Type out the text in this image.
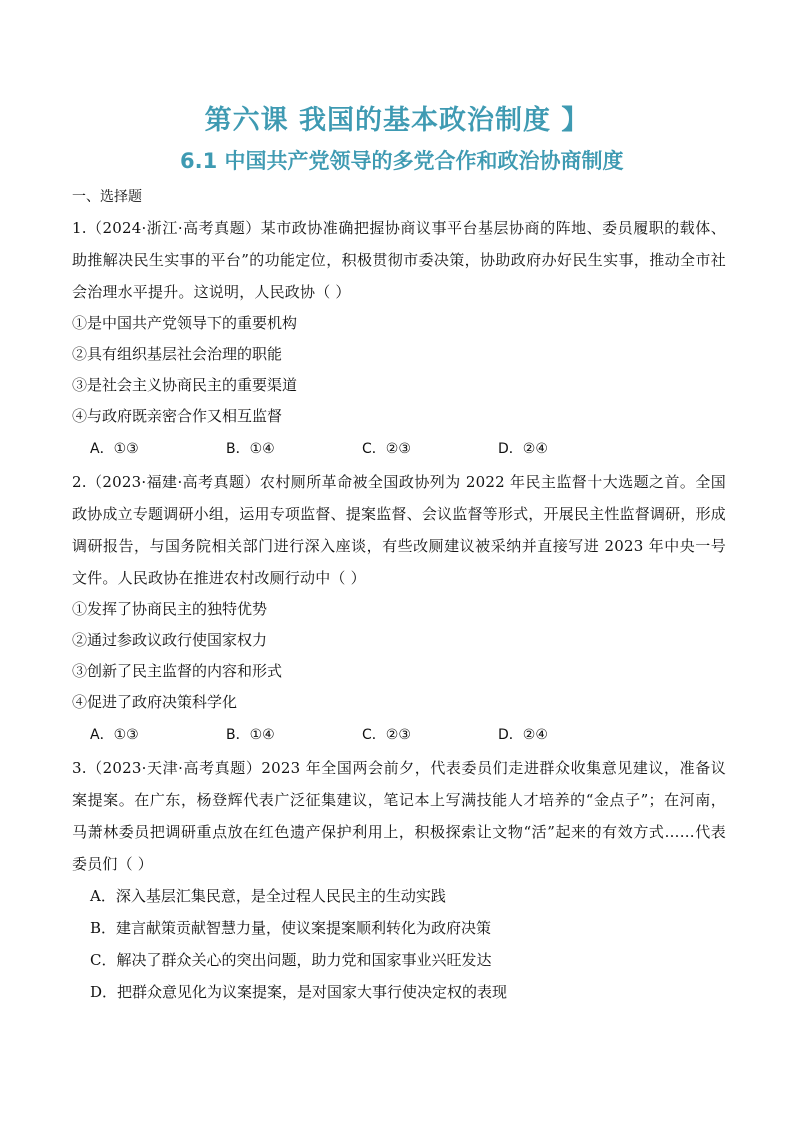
第六课 我国的基本政治制度 】
6.1 中国共产党领导的多党合作和政治协商制度
一、选择题

1.（2024·浙江·高考真题）某市政协准确把握协商议事平台基层协商的阵地、委员履职的载体、助推解决民生实事的平台”的功能定位，积极贯彻市委决策，协助政府办好民生实事，推动全市社会治理水平提升。这说明，人民政协（ ）

①是中国共产党领导下的重要机构
②具有组织基层社会治理的职能
③是社会主义协商民主的重要渠道
④与政府既亲密合作又相互监督
A．①③	B．①④	C．②③	D．②④

2.（2023·福建·高考真题）农村厕所革命被全国政协列为 2022 年民主监督十大选题之首。全国政协成立专题调研小组，运用专项监督、提案监督、会议监督等形式，开展民主性监督调研，形成调研报告，与国务院相关部门进行深入座谈，有些改厕建议被采纳并直接写进 2023 年中央一号文件。人民政协在推进农村改厕行动中（ ）

①发挥了协商民主的独特优势
②通过参政议政行使国家权力
③创新了民主监督的内容和形式
④促进了政府决策科学化
A．①③	B．①④	C．②③	D．②④

3.（2023·天津·高考真题）2023 年全国两会前夕，代表委员们走进群众收集意见建议，准备议案提案。在广东，杨登辉代表广泛征集建议，笔记本上写满技能人才培养的“金点子”；在河南，马萧林委员把调研重点放在红色遗产保护利用上，积极探索让文物“活”起来的有效方式……代表委员们（ ）

A．深入基层汇集民意，是全过程人民民主的生动实践
B．建言献策贡献智慧力量，使议案提案顺利转化为政府决策
C．解决了群众关心的突出问题，助力党和国家事业兴旺发达
D．把群众意见化为议案提案，是对国家大事行使决定权的表现
